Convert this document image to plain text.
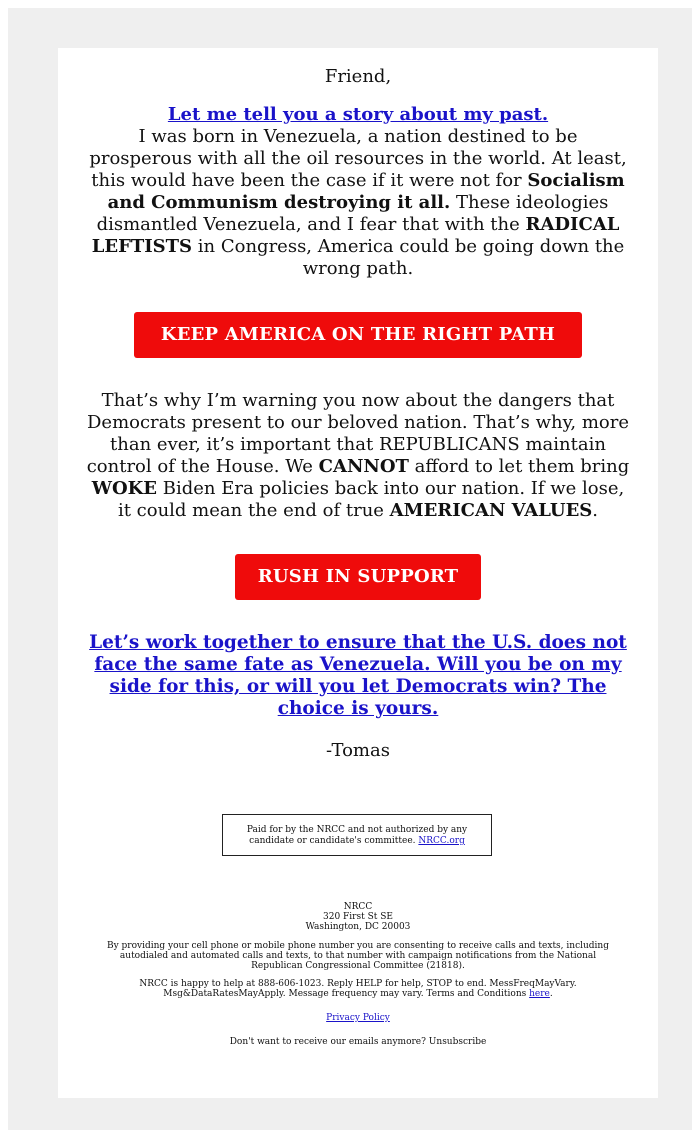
Friend,
Let me tell you a story about my past.
I was born in Venezuela, a nation destined to be prosperous with all the oil resources in the world. At least, this would have been the case if it were not for Socialism and Communism destroying it all. These ideologies dismantled Venezuela, and I fear that with the RADICAL LEFTISTS in Congress, America could be going down the wrong path.
KEEP AMERICA ON THE RIGHT PATH
That’s why I’m warning you now about the dangers that Democrats present to our beloved nation. That’s why, more than ever, it’s important that REPUBLICANS maintain control of the House. We CANNOT afford to let them bring WOKE Biden Era policies back into our nation. If we lose, it could mean the end of true AMERICAN VALUES.
RUSH IN SUPPORT
Let’s work together to ensure that the U.S. does not face the same fate as Venezuela. Will you be on my side for this, or will you let Democrats win? The choice is yours.
-Tomas
Paid for by the NRCC and not authorized by any candidate or candidate's committee. NRCC.org

NRCC

320 First St SE

Washington, DC 20003

By providing your cell phone or mobile phone number you are consenting to receive calls and texts, including autodialed and automated calls and texts, to that number with campaign notifications from the National Republican Congressional Committee (21818).

NRCC is happy to help at 888-606-1023. Reply HELP for help, STOP to end. MessFreqMayVary. Msg&DataRatesMayApply. Message frequency may vary. Terms and Conditions here.

Privacy Policy

Don't want to receive our emails anymore? Unsubscribe
